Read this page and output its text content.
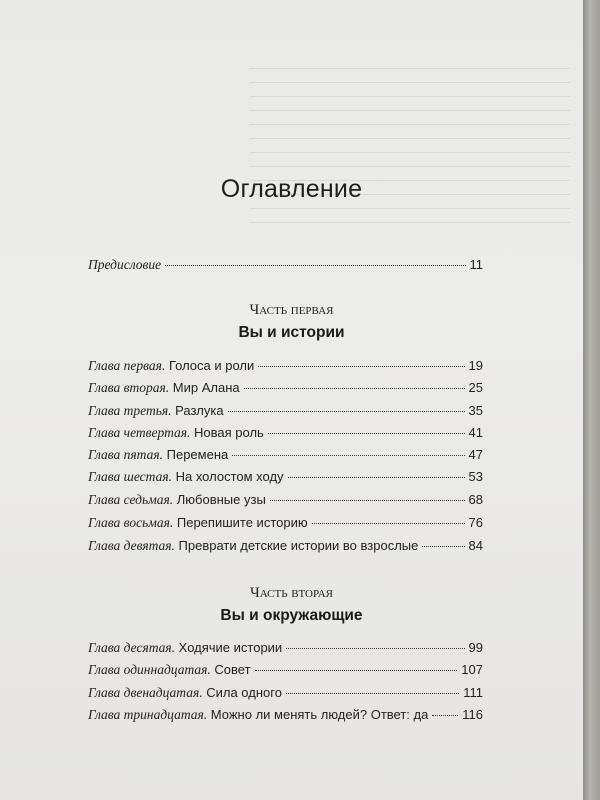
Оглавление
Предисловие	11
Часть первая
Вы и истории
Глава первая. Голоса и роли	19
Глава вторая. Мир Алана	25
Глава третья. Разлука	35
Глава четвертая. Новая роль	41
Глава пятая. Перемена	47
Глава шестая. На холостом ходу	53
Глава седьмая. Любовные узы	68
Глава восьмая. Перепишите историю	76
Глава девятая. Преврати детские истории во взрослые	84
Часть вторая
Вы и окружающие
Глава десятая. Ходячие истории	99
Глава одиннадцатая. Совет	107
Глава двенадцатая. Сила одного	111
Глава тринадцатая. Можно ли менять людей? Ответ: да	116
